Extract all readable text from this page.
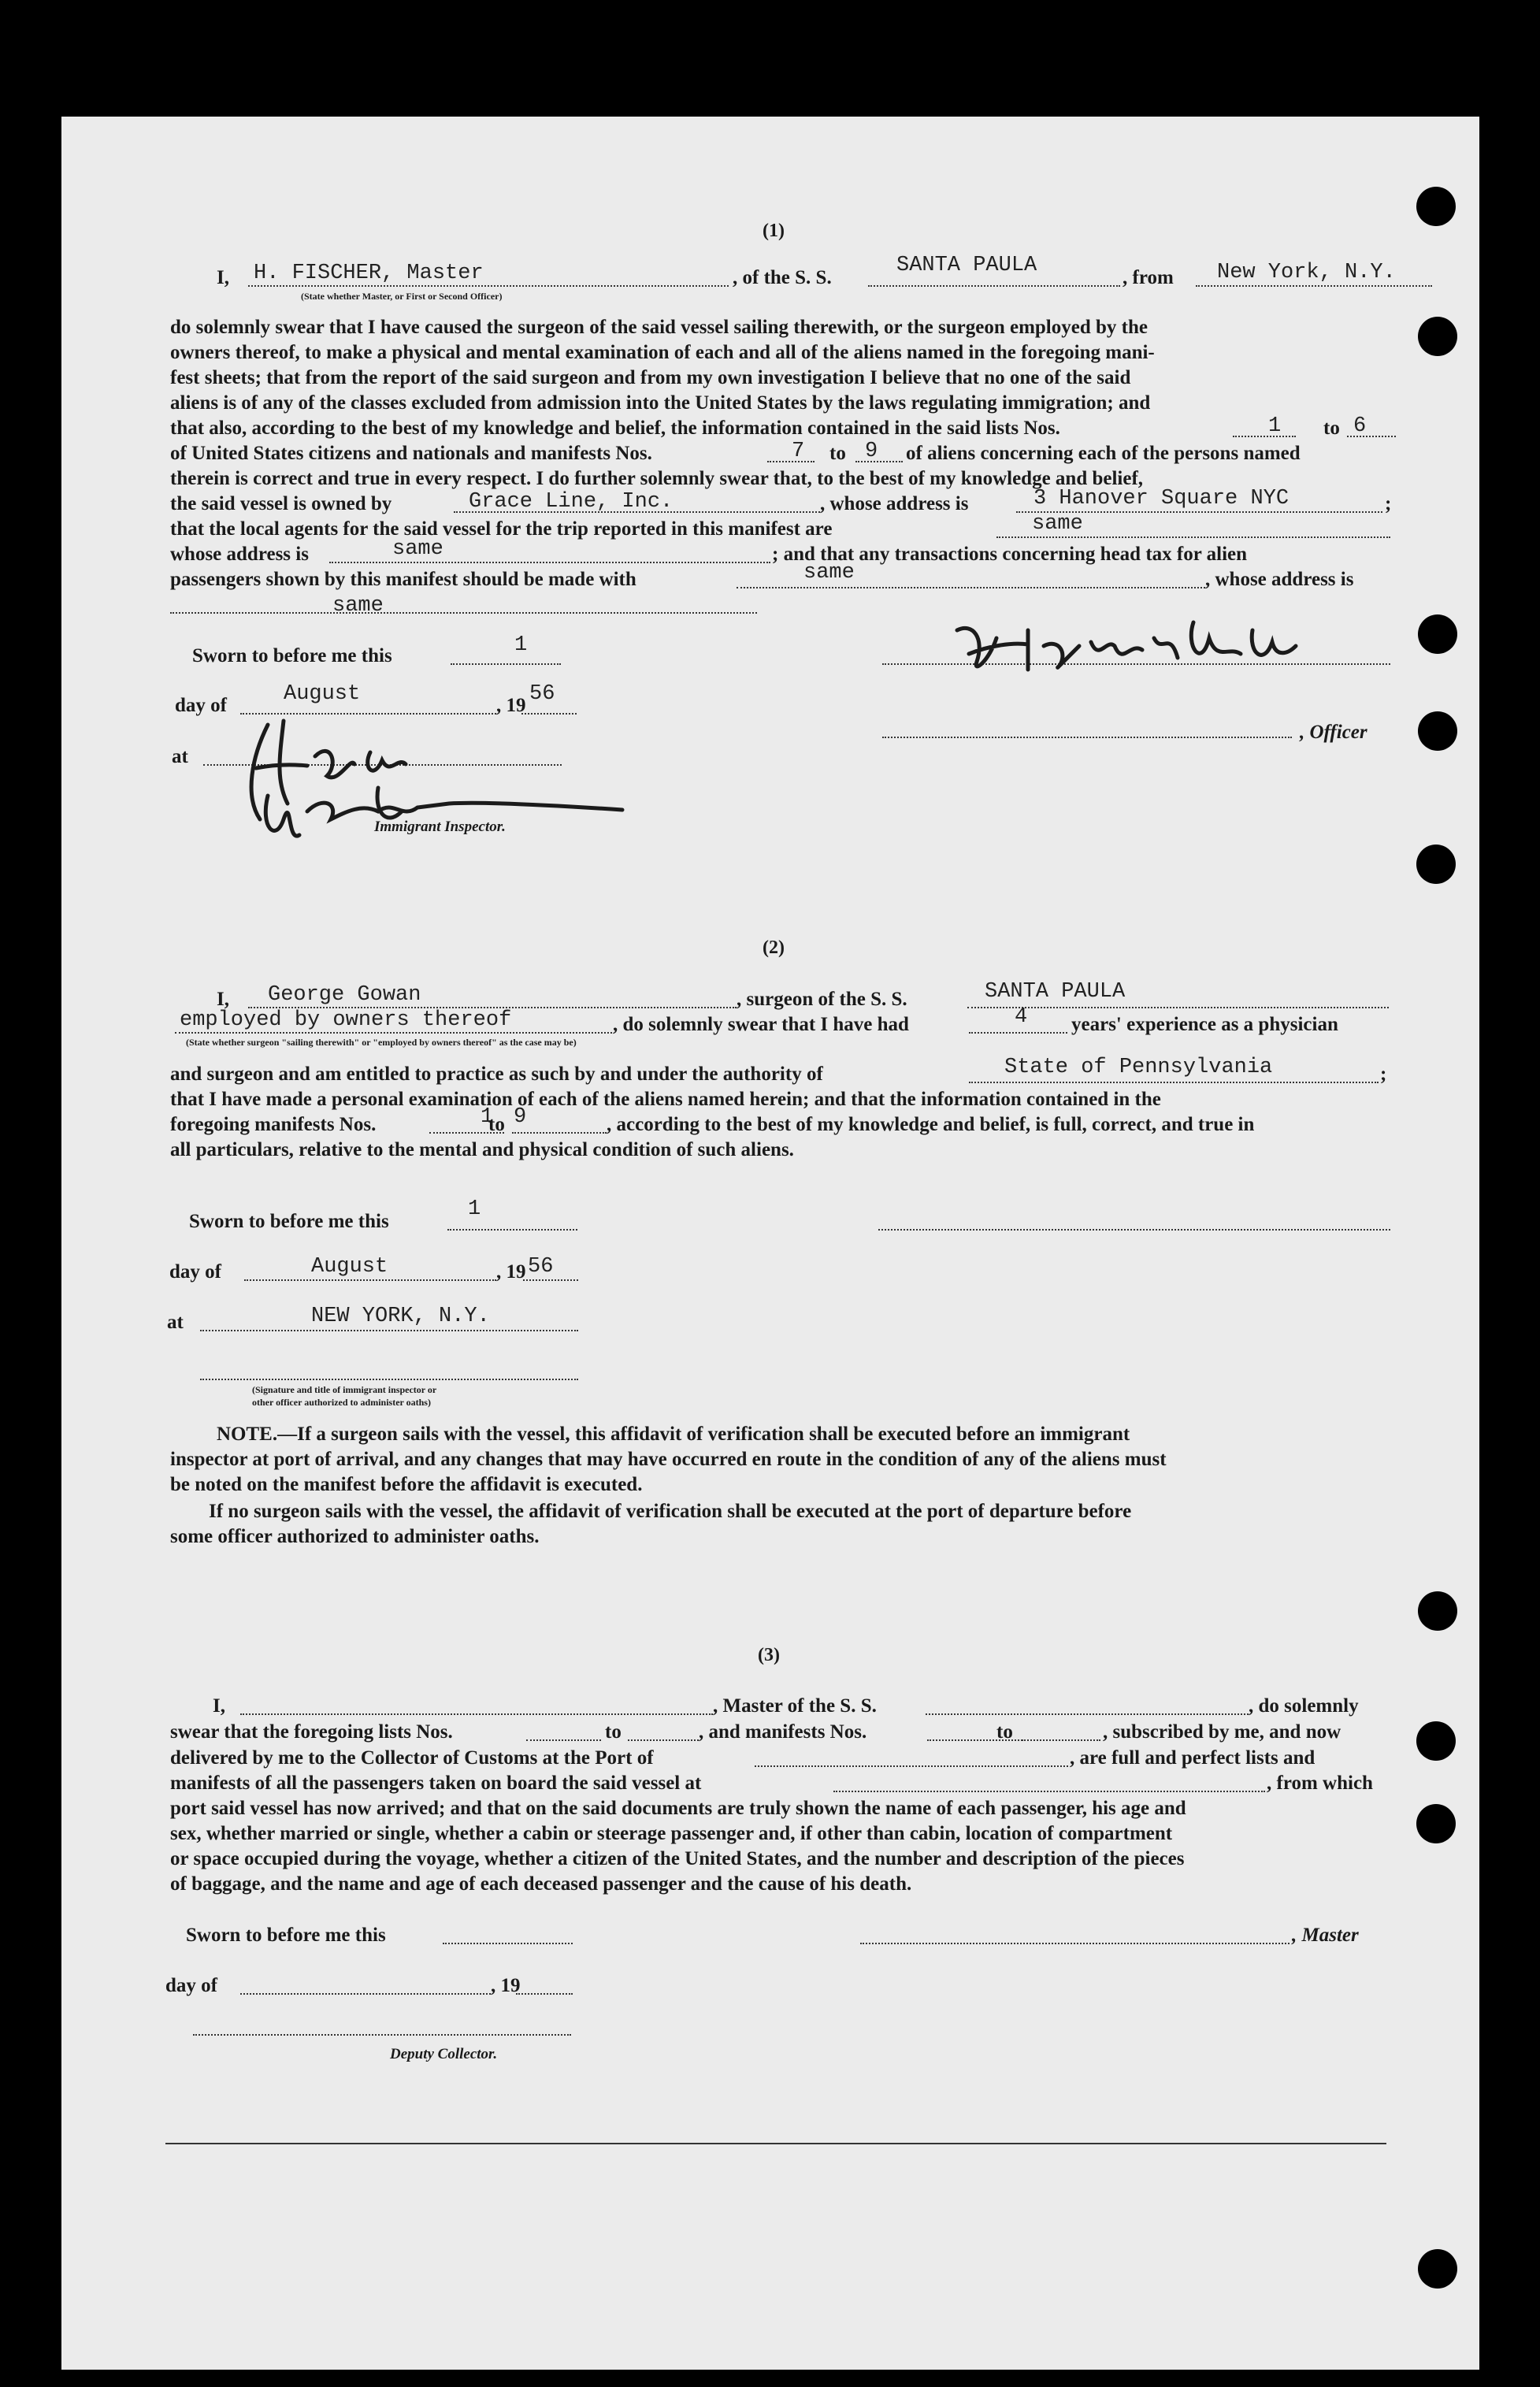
(1)
I, H. FISCHER, Master
(State whether Master, or First or Second Officer)
, of the S. S.
SANTA PAULA
, from New York, N.Y.
do solemnly swear that I have caused the surgeon of the said vessel sailing therewith, or the surgeon employed by the
owners thereof, to make a physical and mental examination of each and all of the aliens named in the foregoing mani-
fest sheets; that from the report of the said surgeon and from my own investigation I believe that no one of the said
aliens is of any of the classes excluded from admission into the United States by the laws regulating immigration; and
that also, according to the best of my knowledge and belief, the information contained in the said lists Nos.	1 to 6
of United States citizens and nationals and manifests Nos.	7 to 9 of aliens concerning each of the persons named
therein is correct and true in every respect. I do further solemnly swear that, to the best of my knowledge and belief,
the said vessel is owned by	Grace Line, Inc.	, whose address is	3 Hanover Square NYC	;
that the local agents for the said vessel for the trip reported in this manifest are	same
whose address is	same	; and that any transactions concerning head tax for alien
passengers shown by this manifest should be made with	same	, whose address is
same
Sworn to before me this	1
day of	August	, 19 56
, Officer
at
Immigrant Inspector.
(2)
I, George Gowan	, surgeon of the S. S.	SANTA PAULA
employed by owners thereof	, do solemnly swear that I have had	4 years' experience as a physician
(State whether surgeon "sailing therewith" or "employed by owners thereof" as the case may be)
and surgeon and am entitled to practice as such by and under the authority of	State of Pennsylvania	;
that I have made a personal examination of each of the aliens named herein; and that the information contained in the
foregoing manifests Nos.	1
to 9	, according to the best of my knowledge and belief, is full, correct, and true in
all particulars, relative to the mental and physical condition of such aliens.
Sworn to before me this
1
day of	August	, 19 56
at	NEW YORK, N.Y.
(Signature and title of immigrant inspector or
other officer authorized to administer oaths)
NOTE.—If a surgeon sails with the vessel, this affidavit of verification shall be executed before an immigrant
inspector at port of arrival, and any changes that may have occurred en route in the condition of any of the aliens must
be noted on the manifest before the affidavit is executed.
If no surgeon sails with the vessel, the affidavit of verification shall be executed at the port of departure before
some officer authorized to administer oaths.
(3)
I,	, Master of the S. S.	, do solemnly
swear that the foregoing lists Nos.	to	, and manifests Nos.	to	, subscribed by me, and now
delivered by me to the Collector of Customs at the Port of	, are full and perfect lists and
manifests of all the passengers taken on board the said vessel at	, from which
port said vessel has now arrived; and that on the said documents are truly shown the name of each passenger, his age and
sex, whether married or single, whether a cabin or steerage passenger and, if other than cabin, location of compartment
or space occupied during the voyage, whether a citizen of the United States, and the number and description of the pieces
of baggage, and the name and age of each deceased passenger and the cause of his death.
Sworn to before me this	, Master
day of	, 19
Deputy Collector.
